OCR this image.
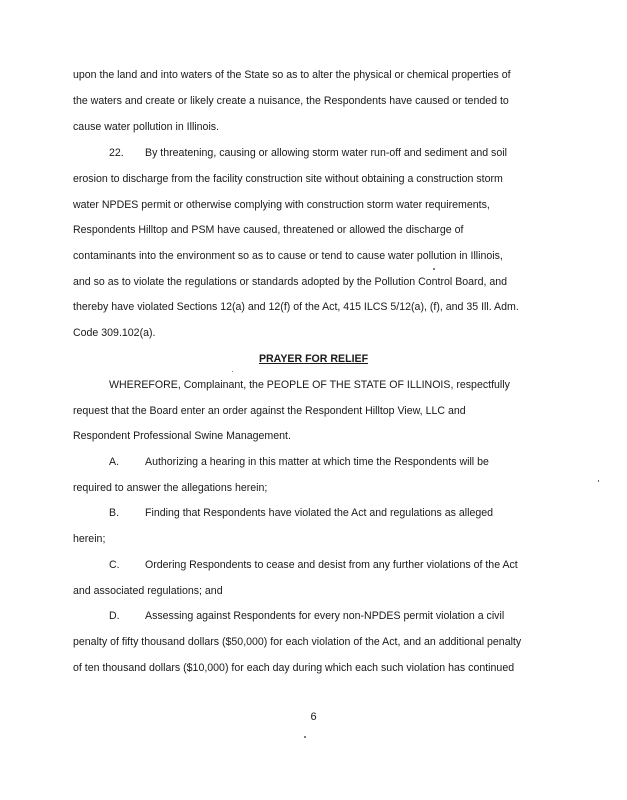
upon the land and into waters of the State so as to alter the physical or chemical properties of
the waters and create or likely create a nuisance, the Respondents have caused or tended to
cause water pollution in Illinois.
22. By threatening, causing or allowing storm water run-off and sediment and soil
erosion to discharge from the facility construction site without obtaining a construction storm
water NPDES permit or otherwise complying with construction storm water requirements,
Respondents Hilltop and PSM have caused, threatened or allowed the discharge of
contaminants into the environment so as to cause or tend to cause water pollution in Illinois,
and so as to violate the regulations or standards adopted by the Pollution Control Board, and
thereby have violated Sections 12(a) and 12(f) of the Act, 415 ILCS 5/12(a), (f), and 35 Ill. Adm.
Code 309.102(a).
PRAYER FOR RELIEF
WHEREFORE, Complainant, the PEOPLE OF THE STATE OF ILLINOIS, respectfully
request that the Board enter an order against the Respondent Hilltop View, LLC and
Respondent Professional Swine Management.
A. Authorizing a hearing in this matter at which time the Respondents will be
required to answer the allegations herein;
B. Finding that Respondents have violated the Act and regulations as alleged
herein;
C. Ordering Respondents to cease and desist from any further violations of the Act
and associated regulations; and
D. Assessing against Respondents for every non-NPDES permit violation a civil
penalty of fifty thousand dollars ($50,000) for each violation of the Act, and an additional penalty
of ten thousand dollars ($10,000) for each day during which each such violation has continued
6
